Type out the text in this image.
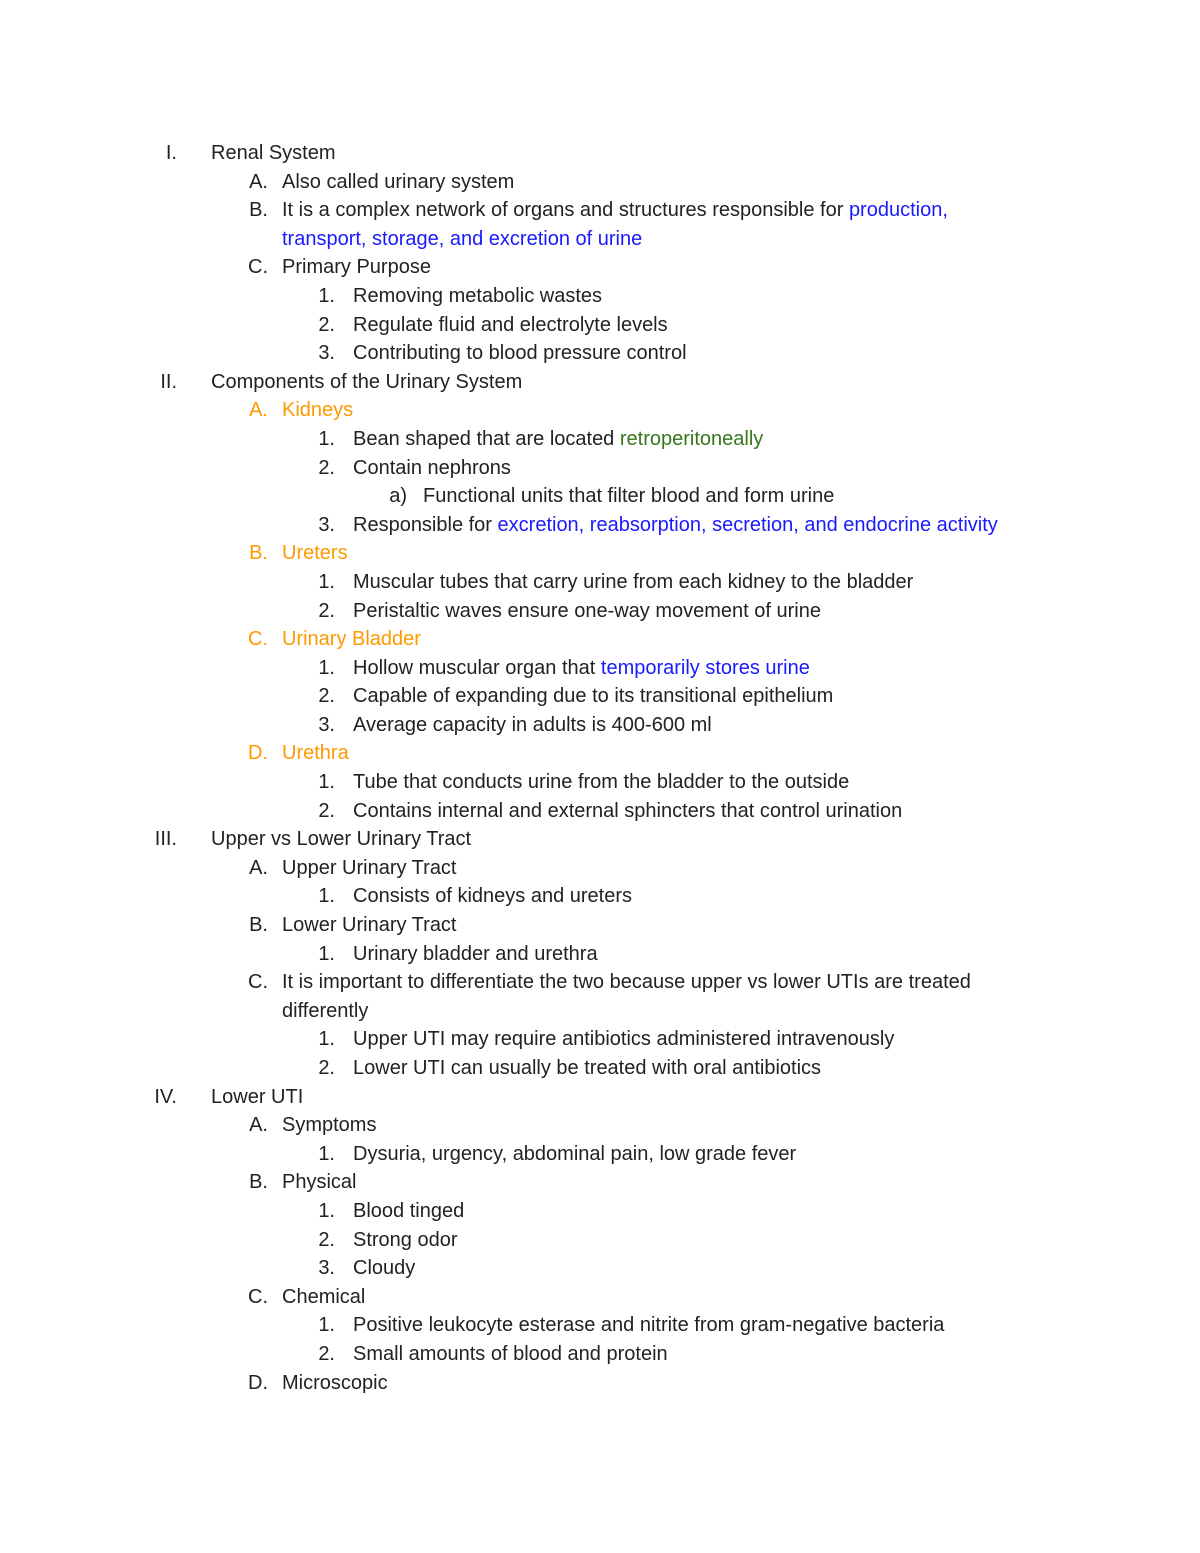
I. Renal System
A. Also called urinary system
B. It is a complex network of organs and structures responsible for production,
transport, storage, and excretion of urine
C. Primary Purpose
1. Removing metabolic wastes
2. Regulate fluid and electrolyte levels
3. Contributing to blood pressure control
II. Components of the Urinary System
A. Kidneys
1. Bean shaped that are located retroperitoneally
2. Contain nephrons
a) Functional units that filter blood and form urine
3. Responsible for excretion, reabsorption, secretion, and endocrine activity
B. Ureters
1. Muscular tubes that carry urine from each kidney to the bladder
2. Peristaltic waves ensure one-way movement of urine
C. Urinary Bladder
1. Hollow muscular organ that temporarily stores urine
2. Capable of expanding due to its transitional epithelium
3. Average capacity in adults is 400-600 ml
D. Urethra
1. Tube that conducts urine from the bladder to the outside
2. Contains internal and external sphincters that control urination
III. Upper vs Lower Urinary Tract
A. Upper Urinary Tract
1. Consists of kidneys and ureters
B. Lower Urinary Tract
1. Urinary bladder and urethra
C. It is important to differentiate the two because upper vs lower UTIs are treated
differently
1. Upper UTI may require antibiotics administered intravenously
2. Lower UTI can usually be treated with oral antibiotics
IV. Lower UTI
A. Symptoms
1. Dysuria, urgency, abdominal pain, low grade fever
B. Physical
1. Blood tinged
2. Strong odor
3. Cloudy
C. Chemical
1. Positive leukocyte esterase and nitrite from gram-negative bacteria
2. Small amounts of blood and protein
D. Microscopic
